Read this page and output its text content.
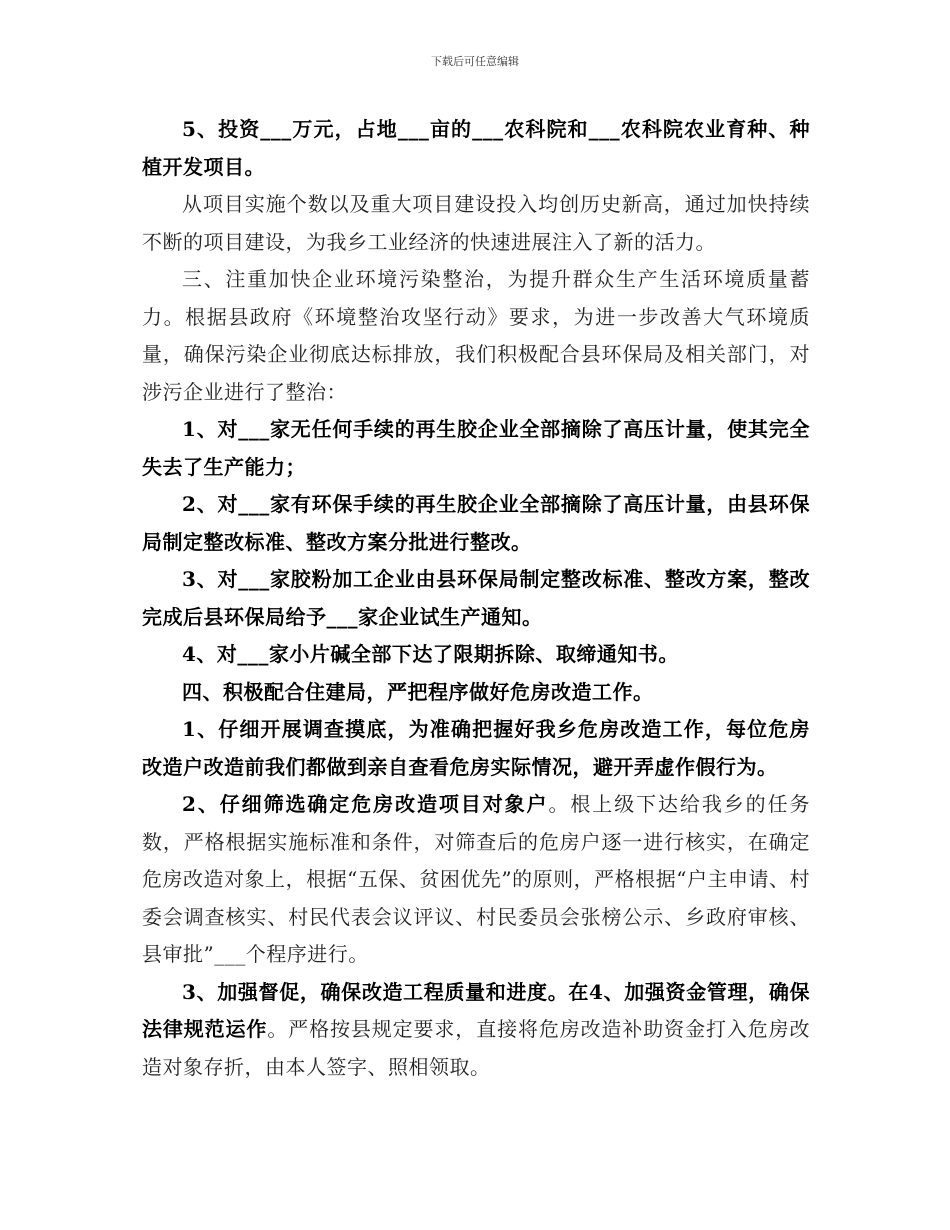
下载后可任意编辑

5、投资___万元，占地___亩的___农科院和___农科院农业育种、种植开发项目。

从项目实施个数以及重大项目建设投入均创历史新高，通过加快持续不断的项目建设，为我乡工业经济的快速进展注入了新的活力。

三、注重加快企业环境污染整治，为提升群众生产生活环境质量蓄力。根据县政府《环境整治攻坚行动》要求，为进一步改善大气环境质量，确保污染企业彻底达标排放，我们积极配合县环保局及相关部门，对涉污企业进行了整治：

1、对___家无任何手续的再生胶企业全部摘除了高压计量，使其完全失去了生产能力；

2、对___家有环保手续的再生胶企业全部摘除了高压计量，由县环保局制定整改标准、整改方案分批进行整改。

3、对___家胶粉加工企业由县环保局制定整改标准、整改方案，整改完成后县环保局给予___家企业试生产通知。

4、对___家小片碱全部下达了限期拆除、取缔通知书。

四、积极配合住建局，严把程序做好危房改造工作。

1、仔细开展调查摸底，为准确把握好我乡危房改造工作，每位危房改造户改造前我们都做到亲自查看危房实际情况，避开弄虚作假行为。

2、仔细筛选确定危房改造项目对象户。根上级下达给我乡的任务数，严格根据实施标准和条件，对筛查后的危房户逐一进行核实，在确定危房改造对象上，根据“五保、贫困优先”的原则，严格根据“户主申请、村委会调查核实、村民代表会议评议、村民委员会张榜公示、乡政府审核、县审批”___个程序进行。

3、加强督促，确保改造工程质量和进度。在4、加强资金管理，确保法律规范运作。严格按县规定要求，直接将危房改造补助资金打入危房改造对象存折，由本人签字、照相领取。
